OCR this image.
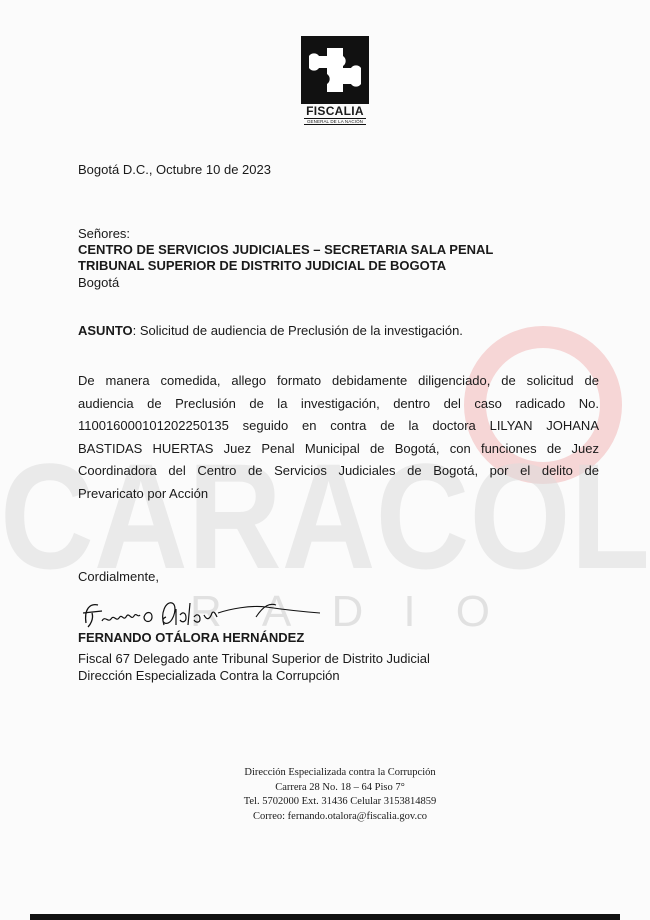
CARACOL
RADIO
FISCALIA
GENERAL DE LA NACIÓN
Bogotá D.C., Octubre 10 de 2023
Señores:
CENTRO DE SERVICIOS JUDICIALES – SECRETARIA SALA PENAL
TRIBUNAL SUPERIOR DE DISTRITO JUDICIAL DE BOGOTA
Bogotá
ASUNTO: Solicitud de audiencia de Preclusión de la investigación.
De manera comedida, allego formato debidamente diligenciado, de solicitud de
audiencia de Preclusión de la investigación, dentro del caso radicado No.
110016000101202250135 seguido en contra de la doctora LILYAN JOHANA
BASTIDAS HUERTAS Juez Penal Municipal de Bogotá, con funciones de Juez
Coordinadora del Centro de Servicios Judiciales de Bogotá, por el delito de
Prevaricato por Acción
Cordialmente,
FERNANDO OTÁLORA HERNÁNDEZ
Fiscal 67 Delegado ante Tribunal Superior de Distrito Judicial
Dirección Especializada Contra la Corrupción
Dirección Especializada contra la Corrupción
Carrera 28 No. 18 – 64 Piso 7°
Tel. 5702000 Ext. 31436 Celular 3153814859
Correo: fernando.otalora@fiscalia.gov.co
